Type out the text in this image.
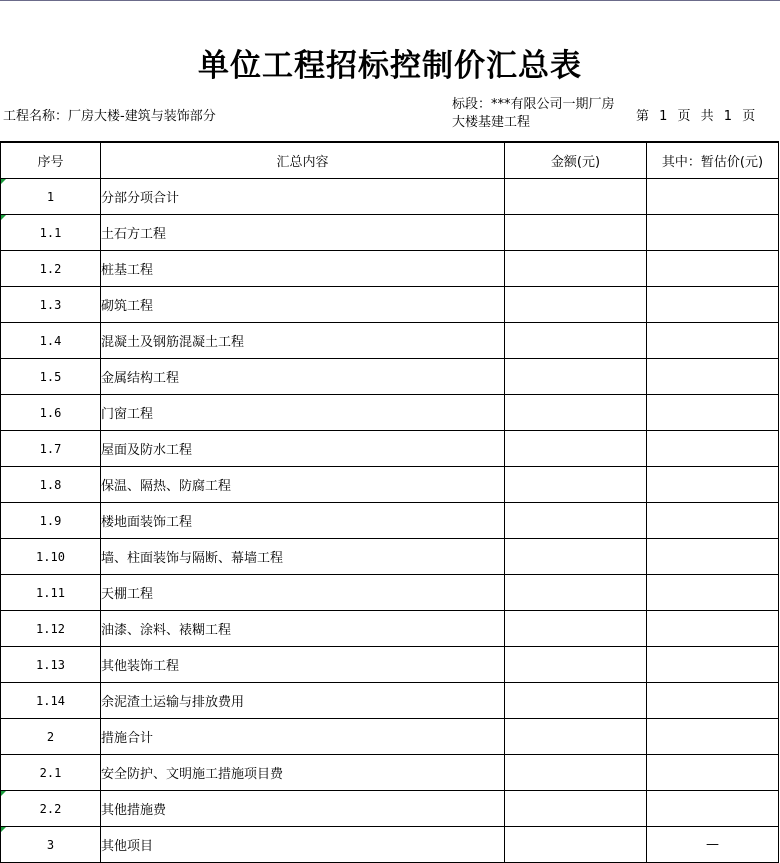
单位工程招标控制价汇总表
工程名称：厂房大楼-建筑与装饰部分
标段：***有限公司一期厂房大楼基建工程	第 1 页 共 1 页
序号	汇总内容	金额(元)	其中：暂估价(元)

1	分部分项合计		

1.1	土石方工程		
1.2	桩基工程		
1.3	砌筑工程		
1.4	混凝土及钢筋混凝土工程		
1.5	金属结构工程		
1.6	门窗工程		
1.7	屋面及防水工程		
1.8	保温、隔热、防腐工程		
1.9	楼地面装饰工程		
1.10	墙、柱面装饰与隔断、幕墙工程		
1.11	天棚工程		
1.12	油漆、涂料、裱糊工程		
1.13	其他装饰工程		
1.14	余泥渣土运输与排放费用		
2	措施合计		
2.1	安全防护、文明施工措施项目费		

2.2	其他措施费		

3	其他项目		—
